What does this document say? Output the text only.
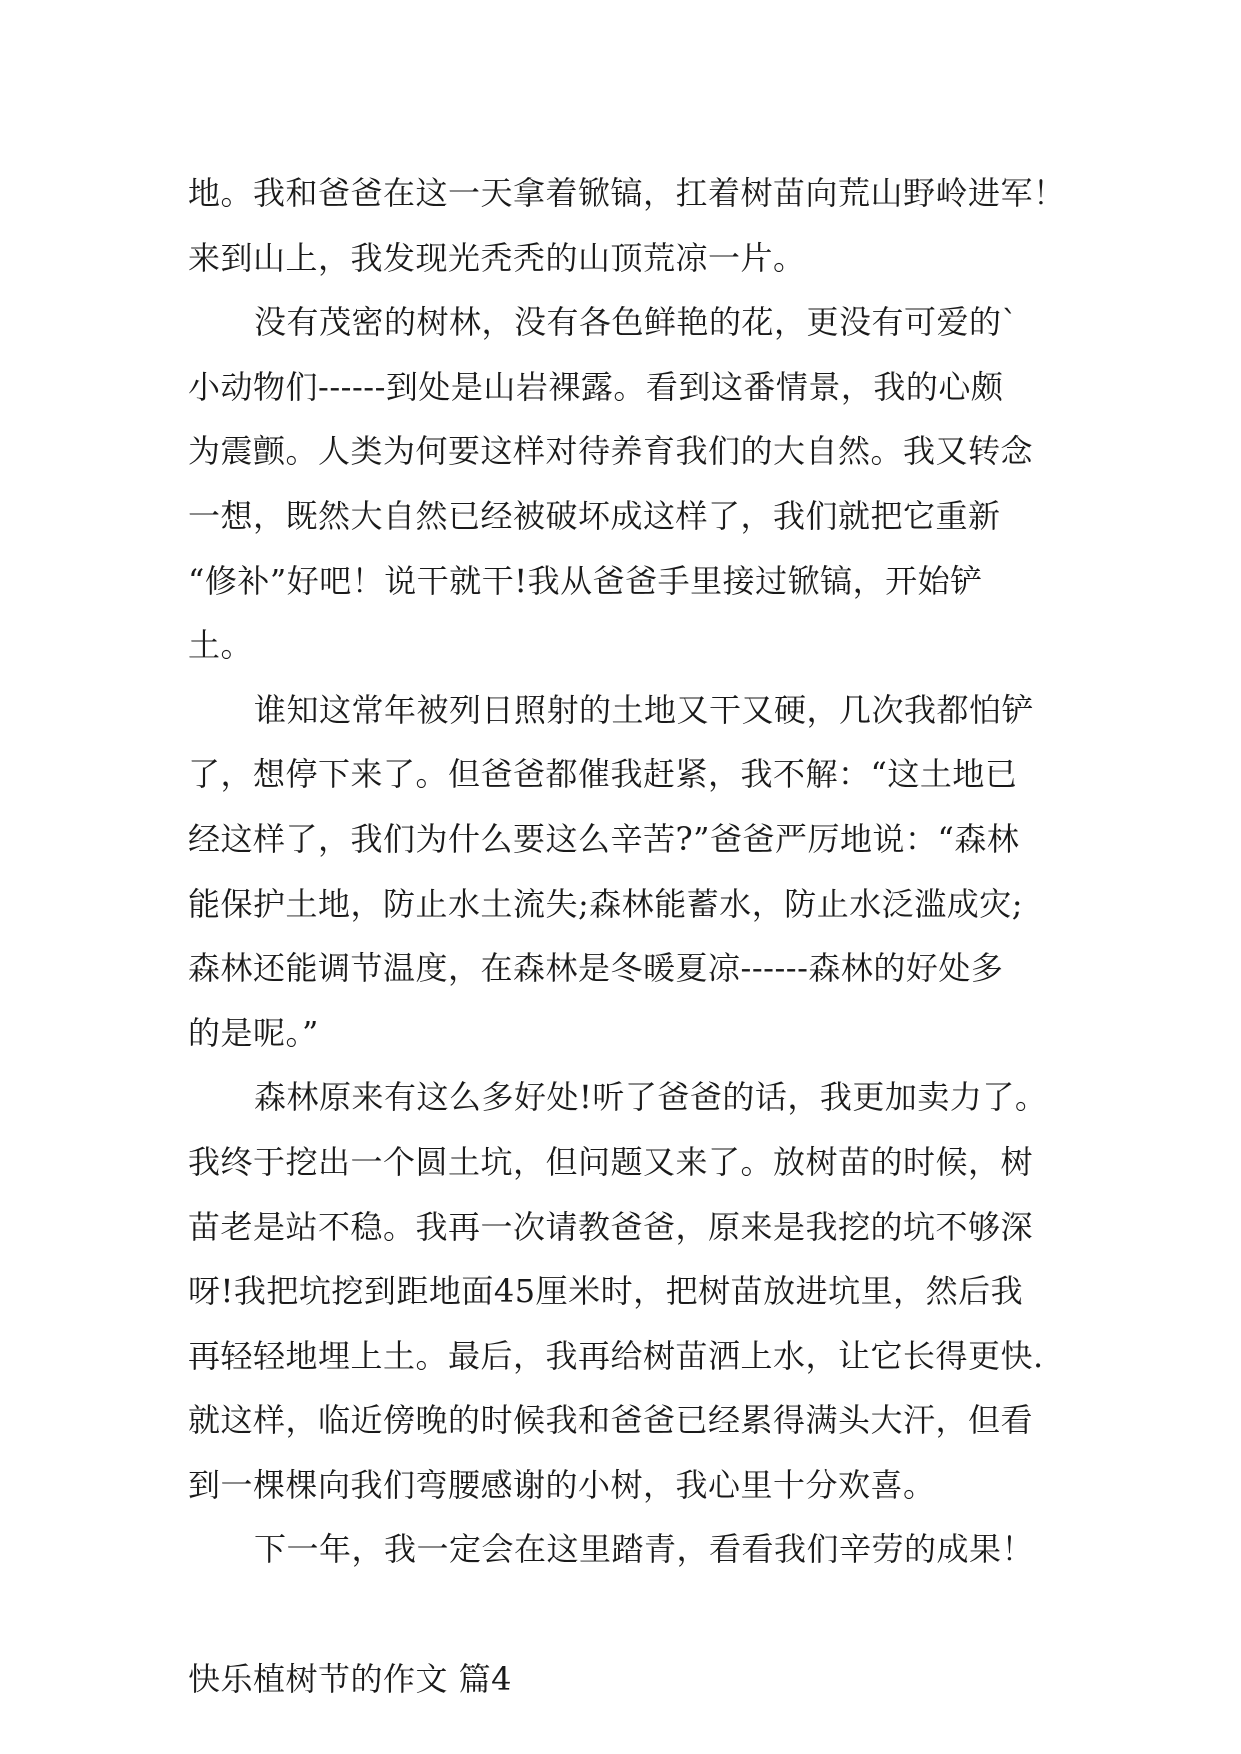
地。我和爸爸在这一天拿着锨镐，扛着树苗向荒山野岭进军！
来到山上，我发现光秃秃的山顶荒凉一片。
没有茂密的树林，没有各色鲜艳的花，更没有可爱的`
小动物们------到处是山岩裸露。看到这番情景，我的心颇
为震颤。人类为何要这样对待养育我们的大自然。我又转念
一想，既然大自然已经被破坏成这样了，我们就把它重新
“修补”好吧！说干就干!我从爸爸手里接过锨镐，开始铲
土。
谁知这常年被列日照射的土地又干又硬，几次我都怕铲
了，想停下来了。但爸爸都催我赶紧，我不解：“这土地已
经这样了，我们为什么要这么辛苦?”爸爸严厉地说：“森林
能保护土地，防止水土流失;森林能蓄水，防止水泛滥成灾;
森林还能调节温度，在森林是冬暖夏凉------森林的好处多
的是呢。”
森林原来有这么多好处!听了爸爸的话，我更加卖力了。
我终于挖出一个圆土坑，但问题又来了。放树苗的时候，树
苗老是站不稳。我再一次请教爸爸，原来是我挖的坑不够深
呀!我把坑挖到距地面45厘米时，把树苗放进坑里，然后我
再轻轻地埋上土。最后，我再给树苗洒上水，让它长得更快.
就这样，临近傍晚的时候我和爸爸已经累得满头大汗，但看
到一棵棵向我们弯腰感谢的小树，我心里十分欢喜。
下一年，我一定会在这里踏青，看看我们辛劳的成果！
快乐植树节的作文 篇4
